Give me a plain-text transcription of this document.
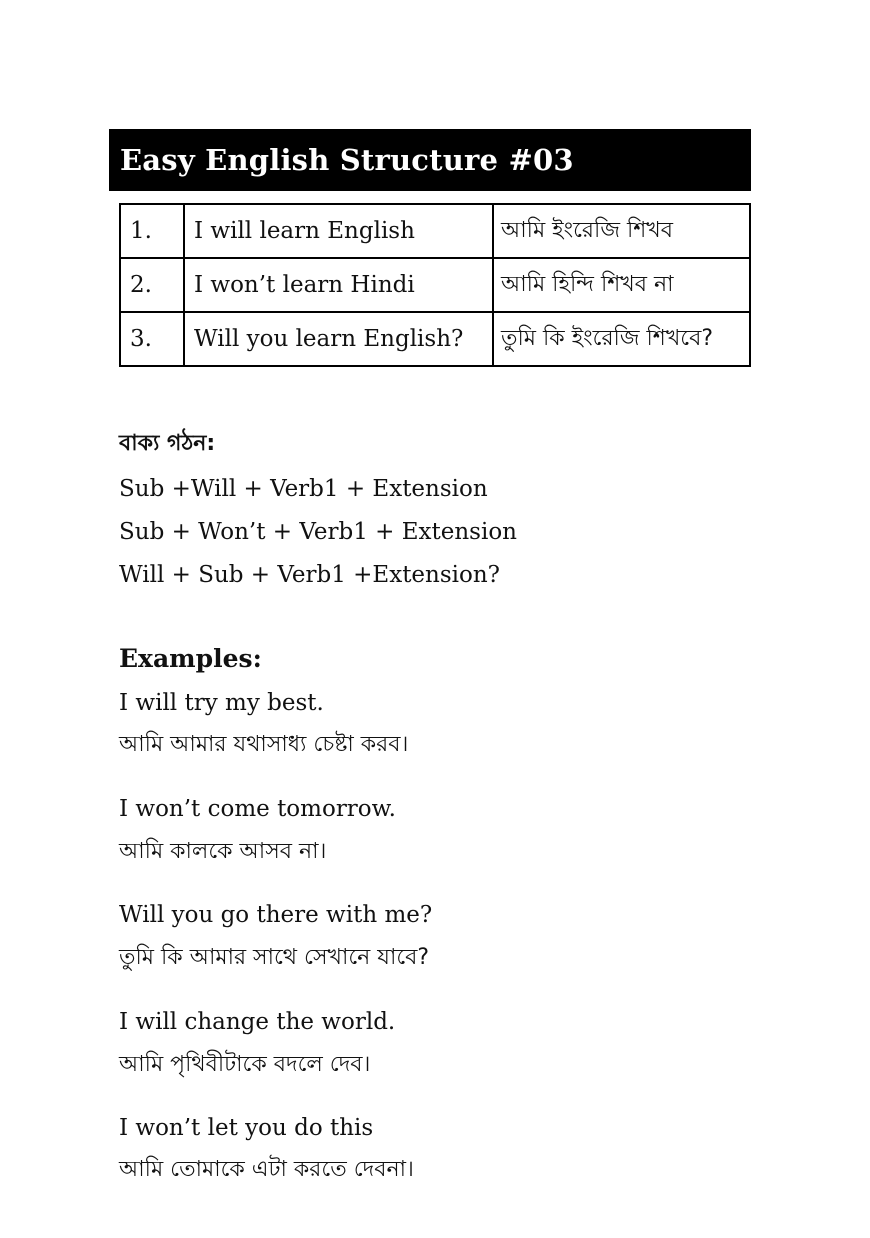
Easy English Structure #03
1.	I will learn English	আমি ইংরেজি শিখব
2.	I won’t learn Hindi	আমি হিন্দি শিখব না
3.	Will you learn English?	তুমি কি ইংরেজি শিখবে?

বাক্য গঠন:

Sub +Will + Verb1 + Extension

Sub + Won’t + Verb1 + Extension

Will + Sub + Verb1 +Extension?

Examples:

I will try my best.

আমি আমার যথাসাধ্য চেষ্টা করব।

I won’t come tomorrow.

আমি কালকে আসব না।

Will you go there with me?

তুমি কি আমার সাথে সেখানে যাবে?

I will change the world.

আমি পৃথিবীটাকে বদলে দেব।

I won’t let you do this

আমি তোমাকে এটা করতে দেবনা।
